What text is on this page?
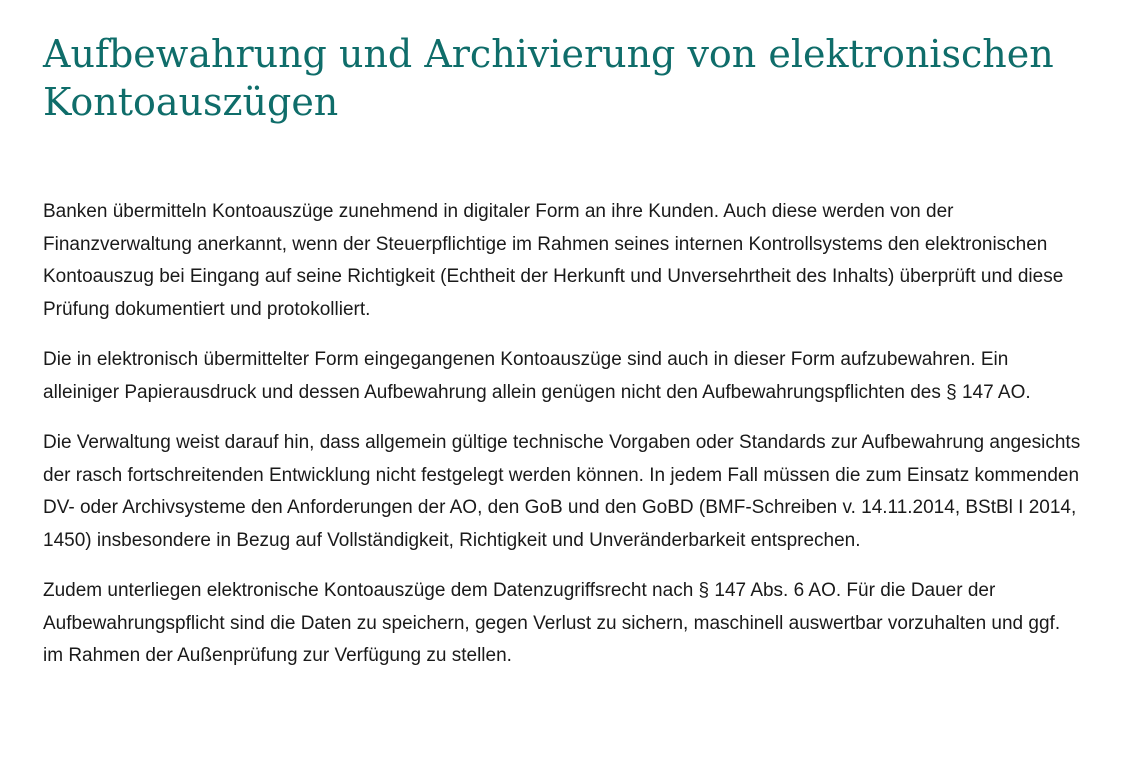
Aufbewahrung und Archivierung von elektronischen Kontoauszügen

Banken übermitteln Kontoauszüge zunehmend in digitaler Form an ihre Kunden. Auch diese werden von der Finanzverwaltung anerkannt, wenn der Steuerpflichtige im Rahmen seines internen Kontrollsystems den elektronischen Kontoauszug bei Eingang auf seine Richtigkeit (Echtheit der Herkunft und Unversehrtheit des Inhalts) überprüft und diese Prüfung dokumentiert und protokolliert.

Die in elektronisch übermittelter Form eingegangenen Kontoauszüge sind auch in dieser Form aufzubewahren. Ein alleiniger Papierausdruck und dessen Aufbewahrung allein genügen nicht den Aufbewahrungspflichten des § 147 AO.

Die Verwaltung weist darauf hin, dass allgemein gültige technische Vorgaben oder Standards zur Aufbewahrung angesichts der rasch fortschreitenden Entwicklung nicht festgelegt werden können. In jedem Fall müssen die zum Einsatz kommenden DV- oder Archivsysteme den Anforderungen der AO, den GoB und den GoBD (BMF-Schreiben v. 14.11.2014, BStBl I 2014, 1450) insbesondere in Bezug auf Vollständigkeit, Richtigkeit und Unveränderbarkeit entsprechen.

Zudem unterliegen elektronische Kontoauszüge dem Datenzugriffsrecht nach § 147 Abs. 6 AO. Für die Dauer der Aufbewahrungspflicht sind die Daten zu speichern, gegen Verlust zu sichern, maschinell auswertbar vorzuhalten und ggf. im Rahmen der Außenprüfung zur Verfügung zu stellen.
